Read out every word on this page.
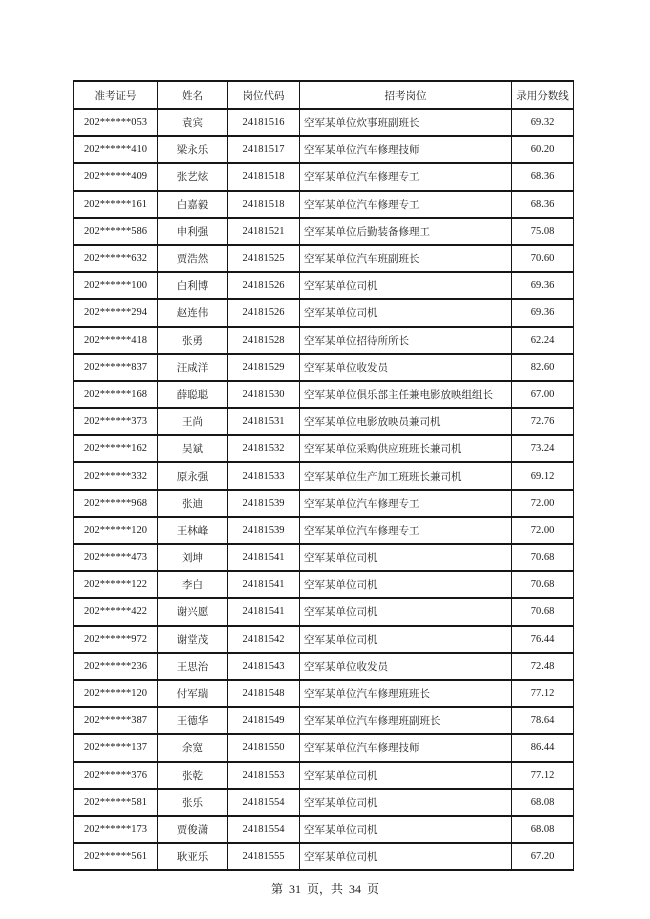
准考证号	姓名	岗位代码	招考岗位	录用分数线
202******053	袁宾	24181516	空军某单位炊事班副班长	69.32
202******410	梁永乐	24181517	空军某单位汽车修理技师	60.20
202******409	张艺炫	24181518	空军某单位汽车修理专工	68.36
202******161	白嘉毅	24181518	空军某单位汽车修理专工	68.36
202******586	申利强	24181521	空军某单位后勤装备修理工	75.08
202******632	贾浩然	24181525	空军某单位汽车班副班长	70.60
202******100	白利博	24181526	空军某单位司机	69.36
202******294	赵连伟	24181526	空军某单位司机	69.36
202******418	张勇	24181528	空军某单位招待所所长	62.24
202******837	汪咸洋	24181529	空军某单位收发员	82.60
202******168	薛聪聪	24181530	空军某单位俱乐部主任兼电影放映组组长	67.00
202******373	王尚	24181531	空军某单位电影放映员兼司机	72.76
202******162	吴斌	24181532	空军某单位采购供应班班长兼司机	73.24
202******332	原永强	24181533	空军某单位生产加工班班长兼司机	69.12
202******968	张迪	24181539	空军某单位汽车修理专工	72.00
202******120	王林峰	24181539	空军某单位汽车修理专工	72.00
202******473	刘坤	24181541	空军某单位司机	70.68
202******122	李白	24181541	空军某单位司机	70.68
202******422	谢兴愿	24181541	空军某单位司机	70.68
202******972	谢堂茂	24181542	空军某单位司机	76.44
202******236	王思治	24181543	空军某单位收发员	72.48
202******120	付军瑞	24181548	空军某单位汽车修理班班长	77.12
202******387	王德华	24181549	空军某单位汽车修理班副班长	78.64
202******137	余宽	24181550	空军某单位汽车修理技师	86.44
202******376	张乾	24181553	空军某单位司机	77.12
202******581	张乐	24181554	空军某单位司机	68.08
202******173	贾俊潇	24181554	空军某单位司机	68.08
202******561	耿亚乐	24181555	空军某单位司机	67.20
第 31 页，共 34 页
